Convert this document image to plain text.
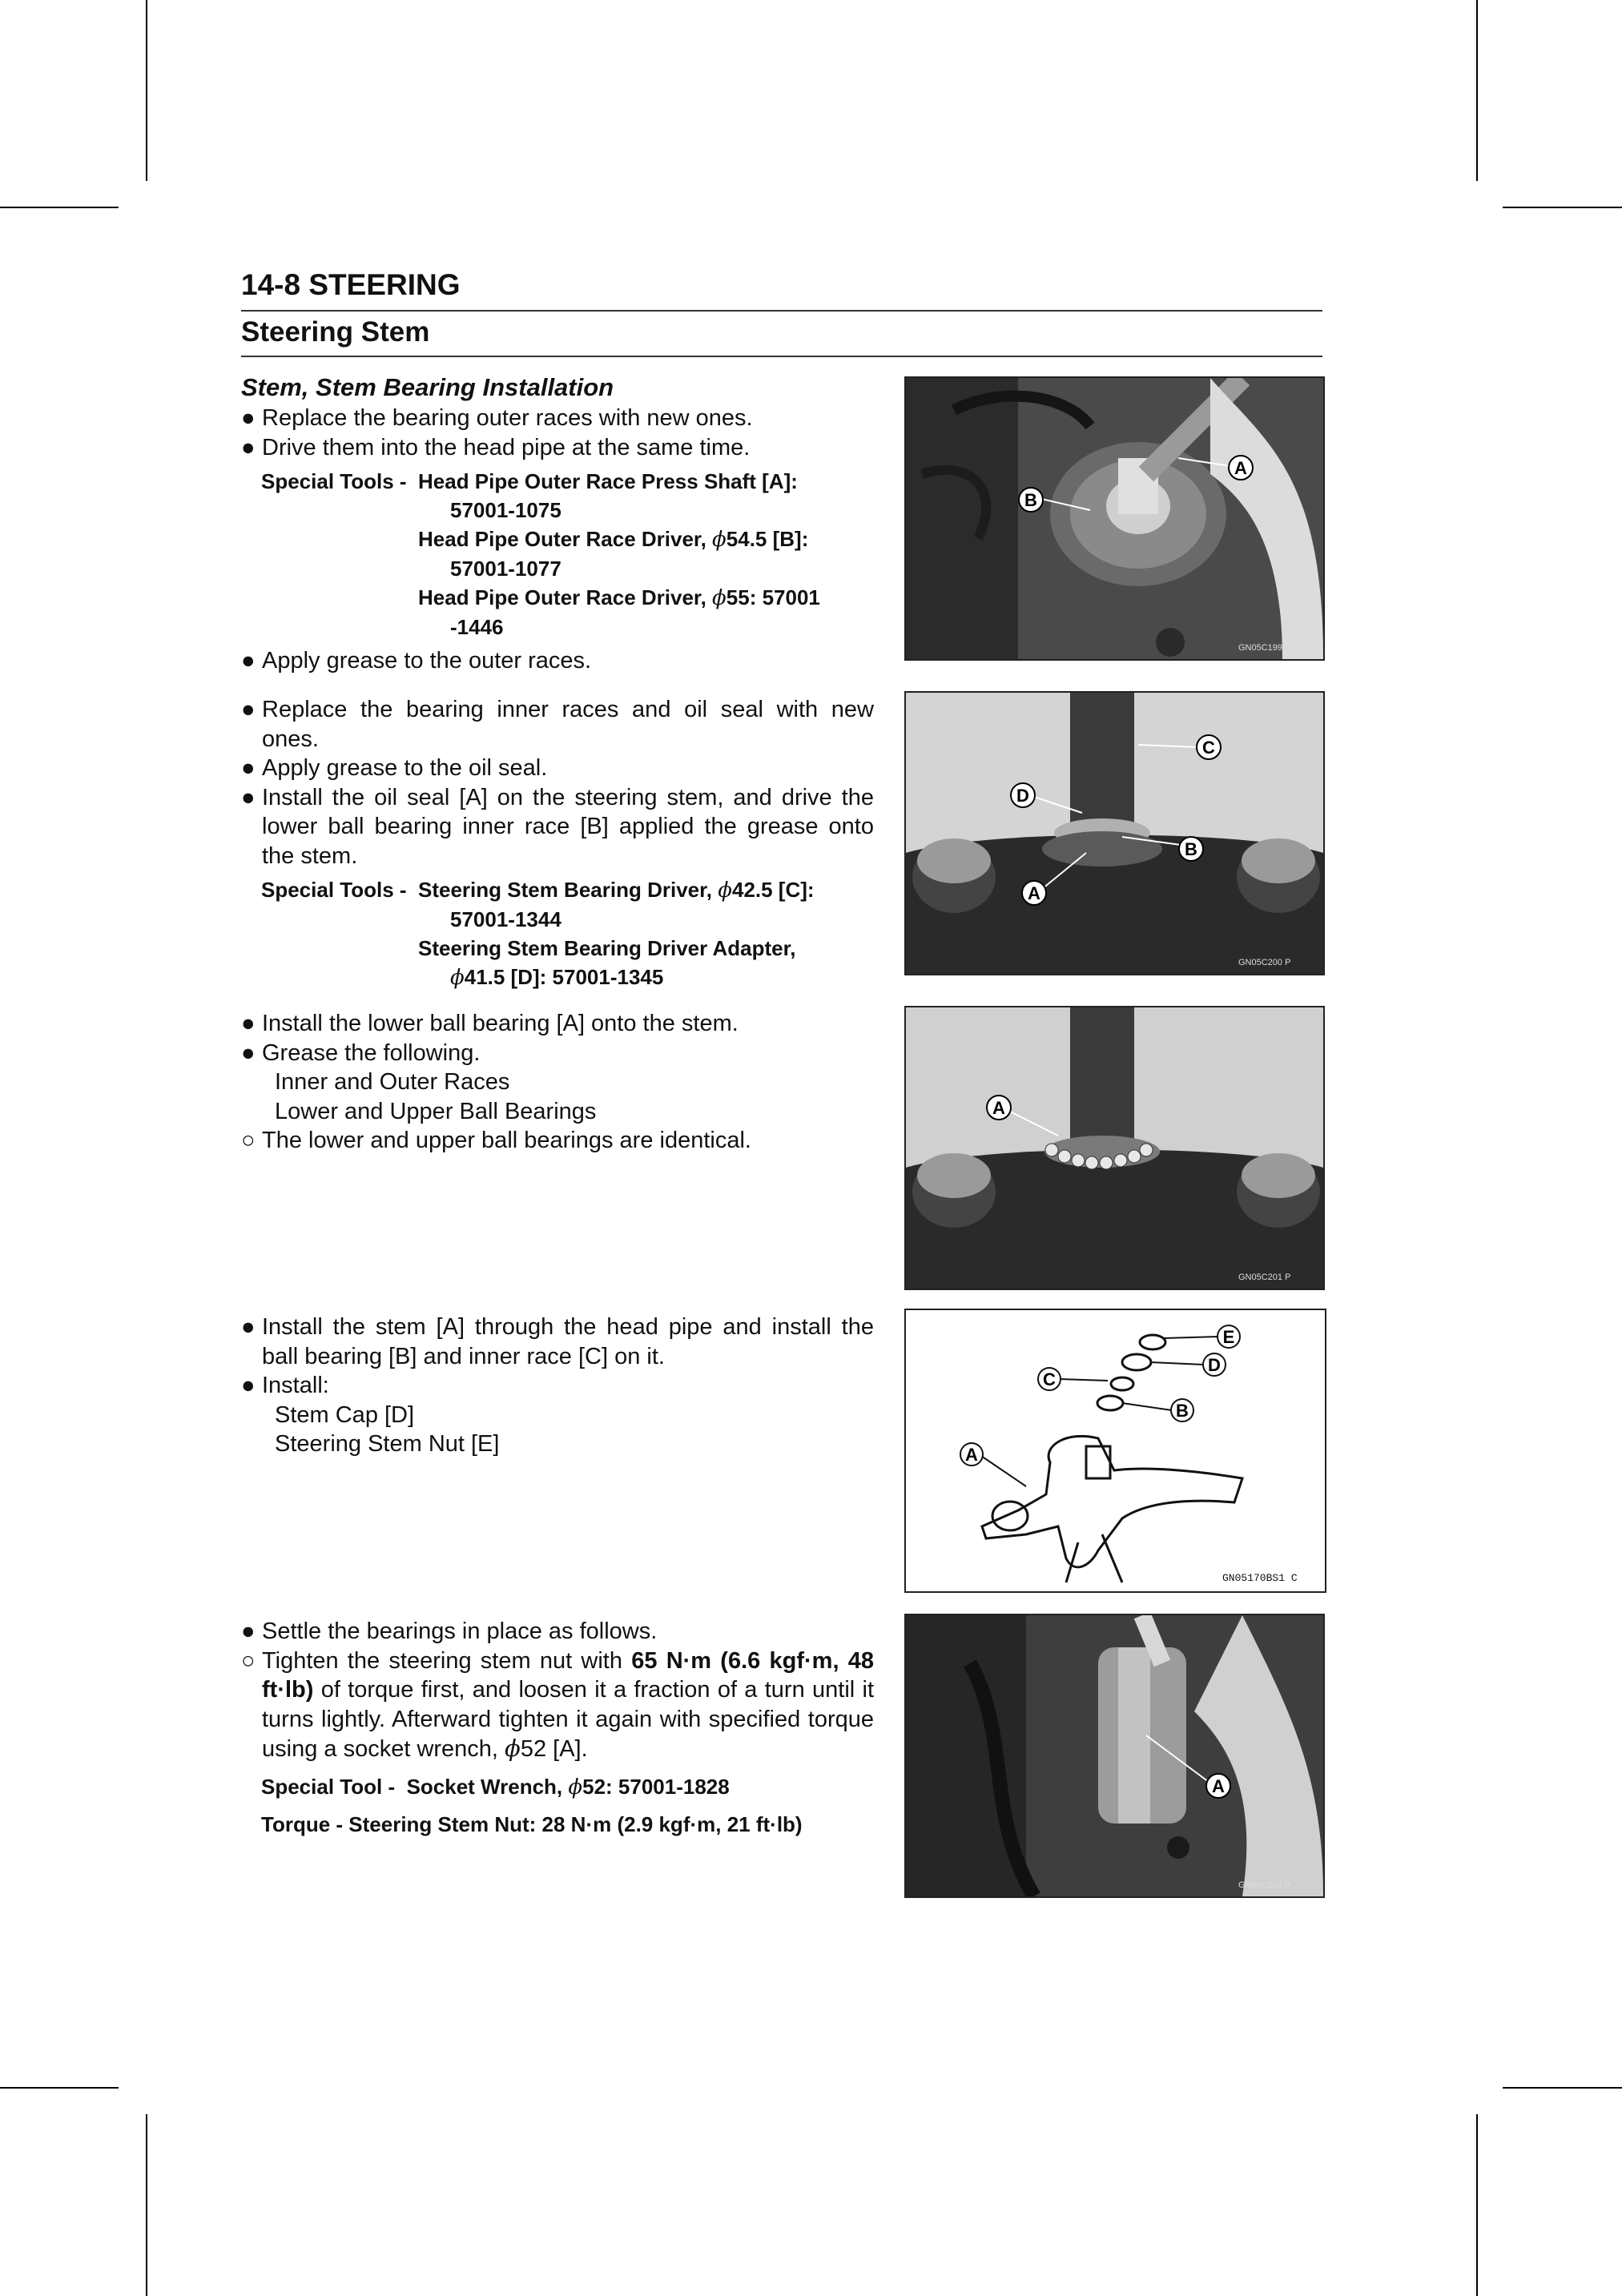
14-8 STEERING
Steering Stem
Stem, Stem Bearing Installation
● Replace the bearing outer races with new ones.
● Drive them into the head pipe at the same time.
Special Tools - Head Pipe Outer Race Press Shaft [A]:
57001-1075
Head Pipe Outer Race Driver, ϕ54.5 [B]:
57001-1077
Head Pipe Outer Race Driver, ϕ55: 57001
-1446
● Apply grease to the outer races.
● Replace the bearing inner races and oil seal with new ones.
● Apply grease to the oil seal.
● Install the oil seal [A] on the steering stem, and drive the lower ball bearing inner race [B] applied the grease onto the stem.
Special Tools - Steering Stem Bearing Driver, ϕ42.5 [C]:
57001-1344
Steering Stem Bearing Driver Adapter,
ϕ41.5 [D]: 57001-1345
● Install the lower ball bearing [A] onto the stem.
● Grease the following.
Inner and Outer Races
Lower and Upper Ball Bearings
○ The lower and upper ball bearings are identical.
● Install the stem [A] through the head pipe and install the ball bearing [B] and inner race [C] on it.
● Install:
Stem Cap [D]
Steering Stem Nut [E]
● Settle the bearings in place as follows.
○ Tighten the steering stem nut with 65 N·m (6.6 kgf·m, 48 ft·lb) of torque first, and loosen it a fraction of a turn until it turns lightly. Afterward tighten it again with specified torque using a socket wrench, ϕ52 [A].
Special Tool - Socket Wrench, ϕ52: 57001-1828
Torque - Steering Stem Nut: 28 N·m (2.9 kgf·m, 21 ft·lb)
A
B
GN05C199 P
C
D
B
A
GN05C200 P
A
GN05C201 P
E
D
C
B
A
GN05170BS1 C
A
GN05C202 P
